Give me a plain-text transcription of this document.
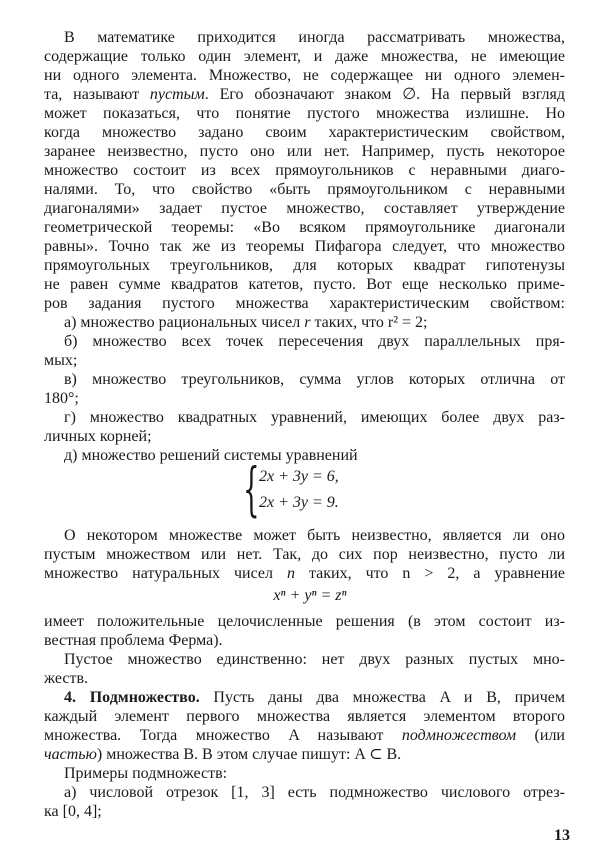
В математике приходится иногда рассматривать множества,
содержащие только один элемент, и даже множества, не имеющие
ни одного элемента. Множество, не содержащее ни одного элемен-
та, называют пустым. Его обозначают знаком ∅. На первый взгляд
может показаться, что понятие пустого множества излишне. Но
когда множество задано своим характеристическим свойством,
заранее неизвестно, пусто оно или нет. Например, пусть некоторое
множество состоит из всех прямоугольников с неравными диаго-
налями. То, что свойство «быть прямоугольником с неравными
диагоналями» задает пустое множество, составляет утверждение
геометрической теоремы: «Во всяком прямоугольнике диагонали
равны». Точно так же из теоремы Пифагора следует, что множество
прямоугольных треугольников, для которых квадрат гипотенузы
не равен сумме квадратов катетов, пусто. Вот еще несколько приме-
ров задания пустого множества характеристическим свойством:
а) множество рациональных чисел r таких, что r² = 2;
б) множество всех точек пересечения двух параллельных пря-
мых;
в) множество треугольников, сумма углов которых отлична от
180°;
г) множество квадратных уравнений, имеющих более двух раз-
личных корней;
д) множество решений системы уравнений
{ 2x + 3y = 6,
2x + 3y = 9.
О некотором множестве может быть неизвестно, является ли оно
пустым множеством или нет. Так, до сих пор неизвестно, пусто ли
множество натуральных чисел n таких, что n > 2, а уравнение
xⁿ + yⁿ = zⁿ
имеет положительные целочисленные решения (в этом состоит из-
вестная проблема Ферма).
Пустое множество единственно: нет двух разных пустых мно-
жеств.
4. Подмножество. Пусть даны два множества A и B, причем
каждый элемент первого множества является элементом второго
множества. Тогда множество A называют подмножеством (или
частью) множества B. В этом случае пишут: A ⊂ B.
Примеры подмножеств:
а) числовой отрезок [1, 3] есть подмножество числового отрез-
ка [0, 4];
13
